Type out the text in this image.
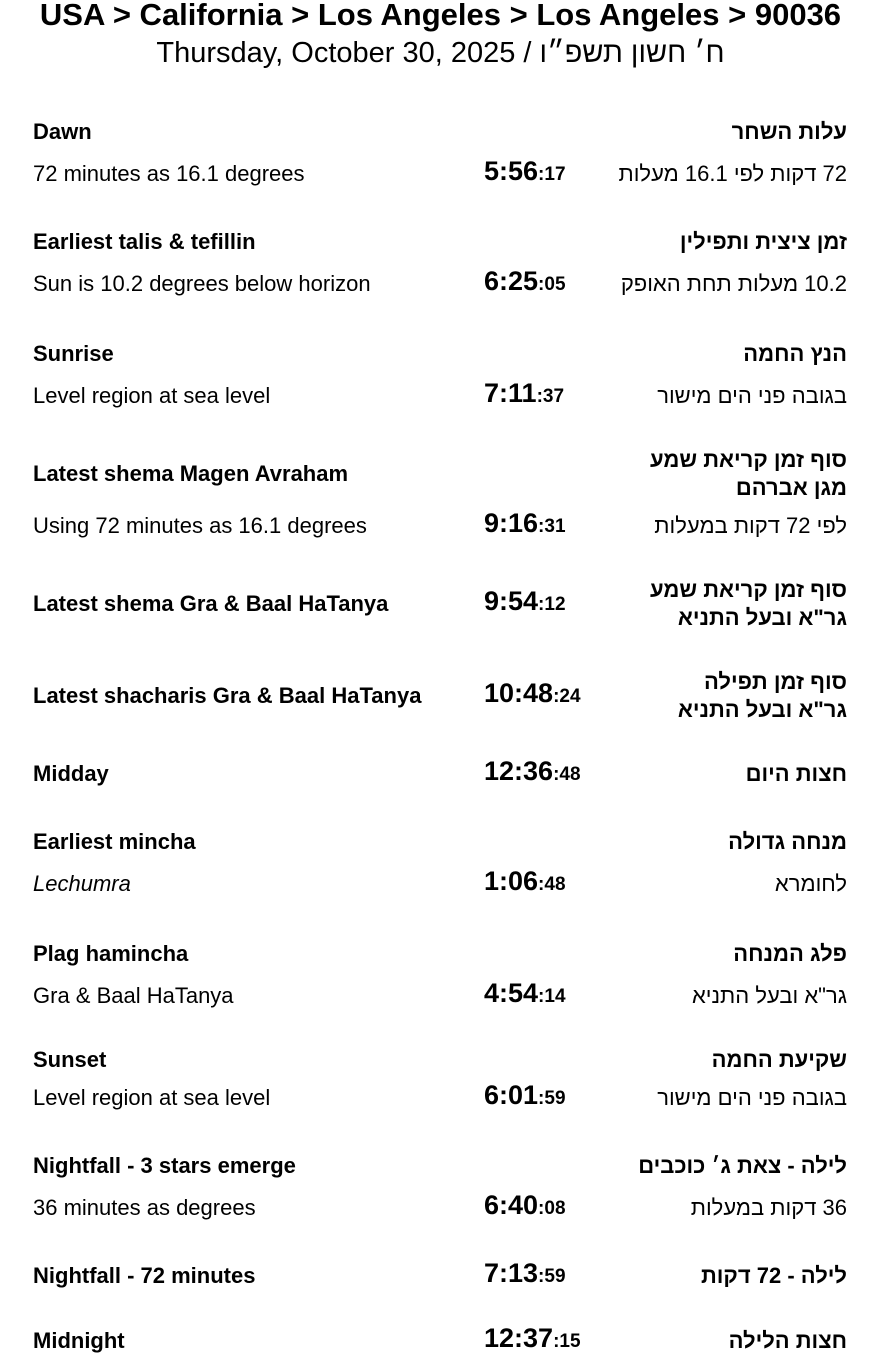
USA > California > Los Angeles > Los Angeles > 90036
Thursday, October 30, 2025 / ח׳ חשון תשפ״ו
Dawn	עלות השחר
72 minutes as 16.1 degrees	5:56:17 72 דקות לפי 16.1 מעלות
Earliest talis & tefillin	זמן ציצית ותפילין
Sun is 10.2 degrees below horizon	6:25:05	10.2 מעלות תחת האופק
Sunrise	הנץ החמה
Level region at sea level	7:11:37	בגובה פני הים מישור
Latest shema Magen Avraham
סוף זמן קריאת שמע
מגן אברהם
Using 72 minutes as 16.1 degrees	9:16:31	לפי 72 דקות במעלות
Latest shema Gra & Baal HaTanya	9:54:12
סוף זמן קריאת שמע
גר"א ובעל התניא
Latest shacharis Gra & Baal HaTanya 10:48:24
סוף זמן תפילה
גר"א ובעל התניא
Midday	12:36:48	חצות היום
Earliest mincha	מנחה גדולה
Lechumra	1:06:48	לחומרא
Plag hamincha	פלג המנחה
Gra & Baal HaTanya	4:54:14	גר"א ובעל התניא
Sunset	שקיעת החמה
Level region at sea level	6:01:59	בגובה פני הים מישור
Nightfall - 3 stars emerge	לילה - צאת ג׳ כוכבים
36 minutes as degrees	6:40:08	36 דקות במעלות
Nightfall - 72 minutes	7:13:59	לילה - 72 דקות
Midnight	12:37:15	חצות הלילה
